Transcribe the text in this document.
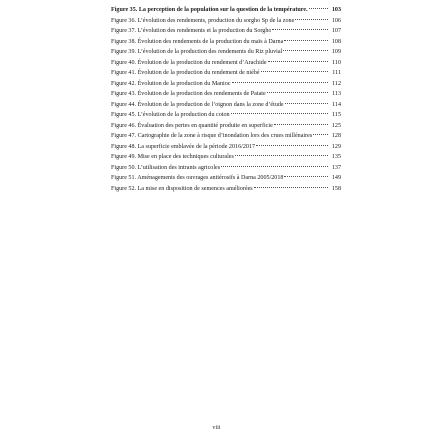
Figure 35. La perception de la population sur la question de la température.	103
Figure 36. L’évolution des rendements, production du sorgho Sp de la zone	106
Figure 37. L’évolution des rendements et la production du Sorgho	107
Figure 38. Évolution des rendements de la production du maïs à Darna	108
Figure 39. L’évolution de la production des rendements du Riz pluvial	109
Figure 40. Évolution de la production du rendement d’Arachide	110
Figure 41. Évolution de la production du rendement de niébé	111
Figure 42. Évolution de la production du Manioc	112
Figure 43. Évolution de la production des rendements de Patate	113
Figure 44. Évolution de la production de l’oignon dans la zone d’étude	114
Figure 45. L’évolution de la production du coton	115
Figure 46. Évaluation des pertes en quantité produite en superficie	125
Figure 47. Cartographie de la zone à risque d’inondation lors des crues millénaires	128
Figure 48. La superficie emblavée de la période 2016/2017	129
Figure 49. Mise en place des techniques culturales	135
Figure 50. L’utilisation des intrants agricoles	137
Figure 51. Aménagements des ouvrages antiérosifs à Darna 2005/2018	149
Figure 52. La mise en disposition de semences améliorées	158
viii
